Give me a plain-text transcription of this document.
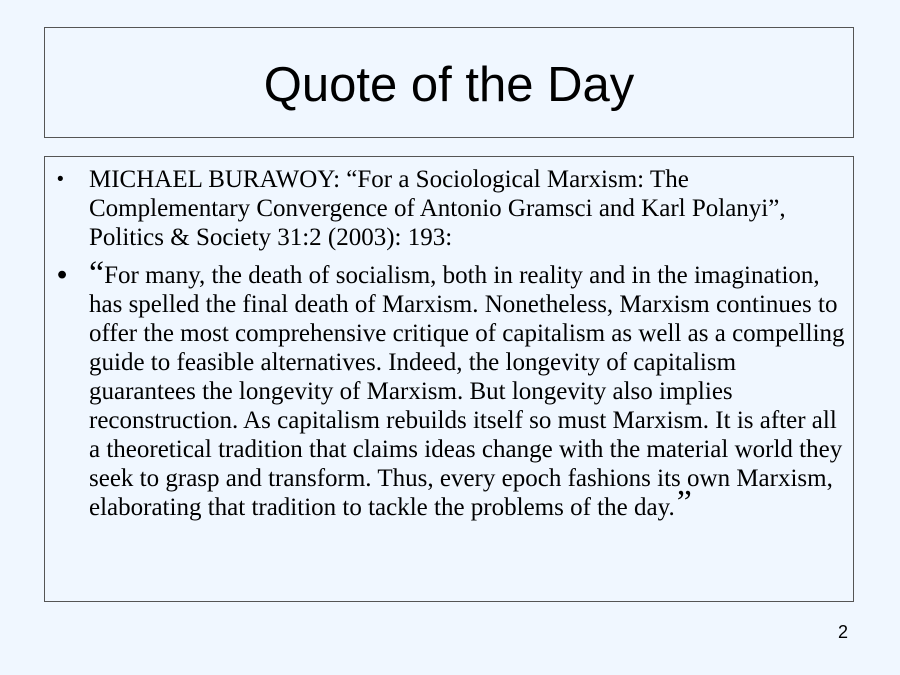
Quote of the Day
• MICHAEL BURAWOY: “For a Sociological Marxism: The Complementary Convergence of Antonio Gramsci and Karl Polanyi”, Politics & Society 31:2 (2003): 193:
• “For many, the death of socialism, both in reality and in the imagination, has spelled the final death of Marxism. Nonetheless, Marxism continues to offer the most comprehensive critique of capitalism as well as a compelling guide to feasible alternatives. Indeed, the longevity of capitalism guarantees the longevity of Marxism. But longevity also implies reconstruction. As capitalism rebuilds itself so must Marxism. It is after all a theoretical tradition that claims ideas change with the material world they seek to grasp and transform. Thus, every epoch fashions its own Marxism, elaborating that tradition to tackle the problems of the day.”
2
